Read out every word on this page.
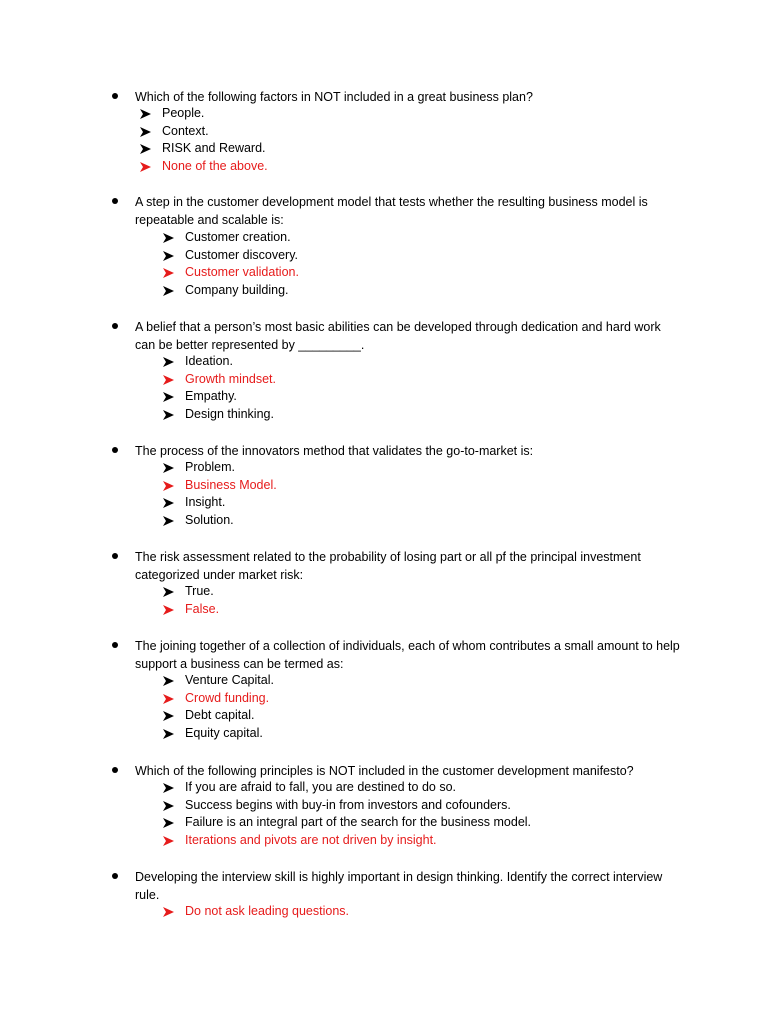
Which of the following factors in NOT included in a great business plan?
People.
Context.
RISK and Reward.
None of the above.
A step in the customer development model that tests whether the resulting business model is repeatable and scalable is:
Customer creation.
Customer discovery.
Customer validation.
Company building.
A belief that a person’s most basic abilities can be developed through dedication and hard work can be better represented by _________.
Ideation.
Growth mindset.
Empathy.
Design thinking.
The process of the innovators method that validates the go-to-market is:
Problem.
Business Model.
Insight.
Solution.
The risk assessment related to the probability of losing part or all pf the principal investment categorized under market risk:
True.
False.
The joining together of a collection of individuals, each of whom contributes a small amount to help support a business can be termed as:
Venture Capital.
Crowd funding.
Debt capital.
Equity capital.
Which of the following principles is NOT included in the customer development manifesto?
If you are afraid to fall, you are destined to do so.
Success begins with buy-in from investors and cofounders.
Failure is an integral part of the search for the business model.
Iterations and pivots are not driven by insight.
Developing the interview skill is highly important in design thinking. Identify the correct interview rule.
Do not ask leading questions.
